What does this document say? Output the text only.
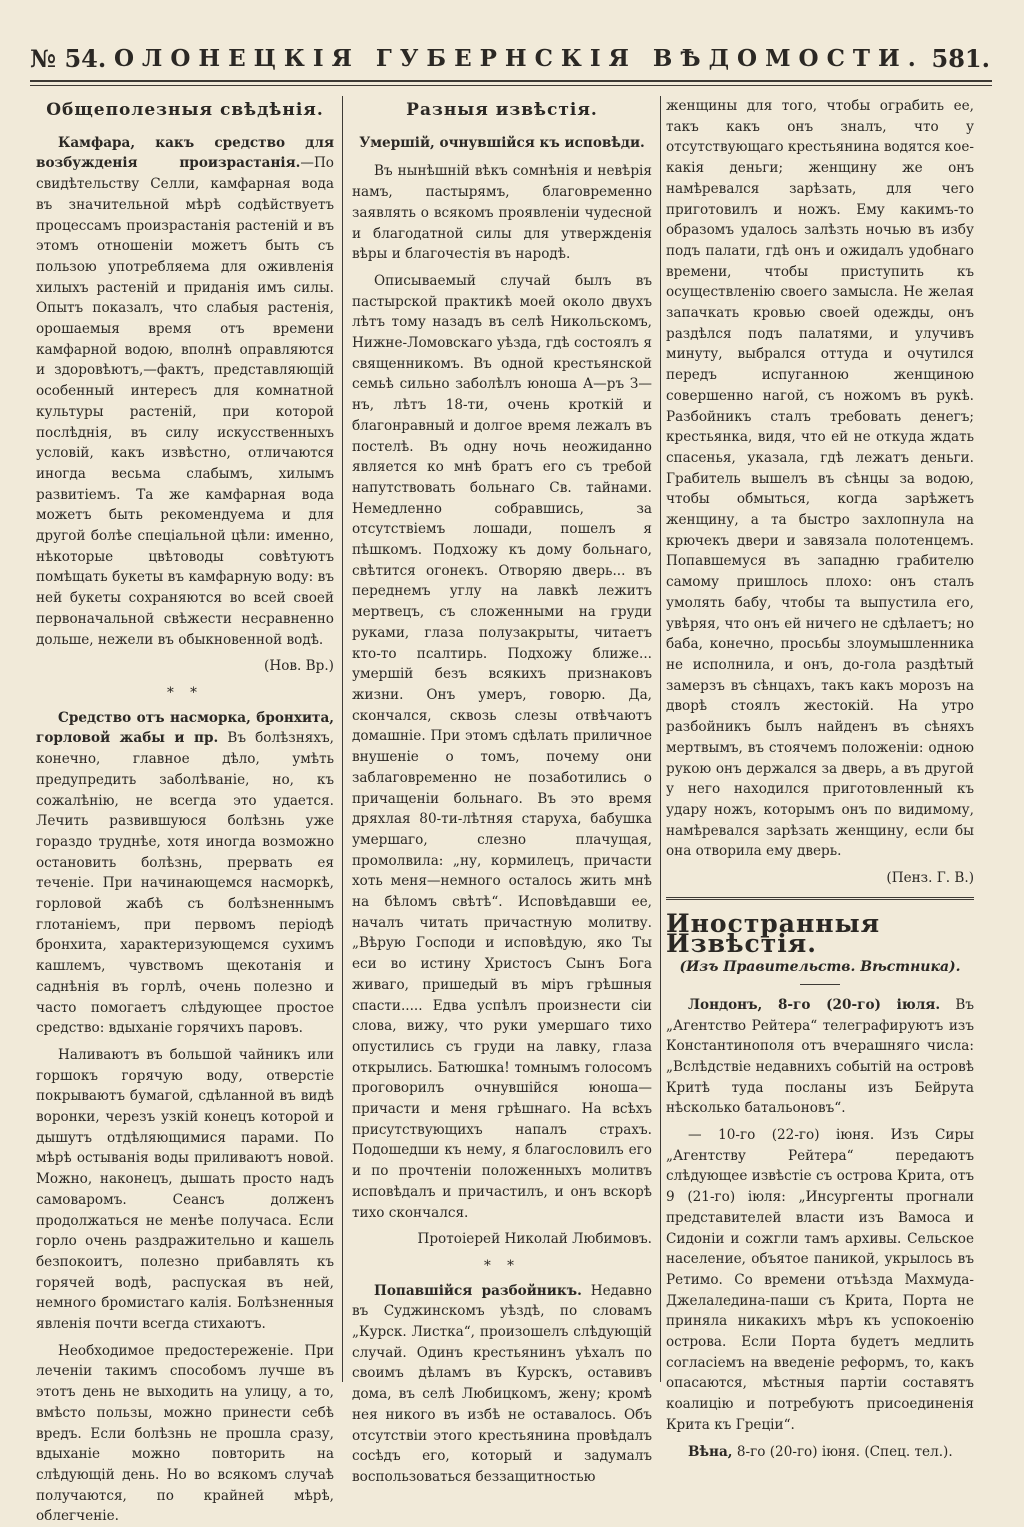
№ 54. ОЛОНЕЦКІЯ ГУБЕРНСКІЯ ВѢДОМОСТИ. 581.
Общеполезныя свѣдѣнія.

Камфара, какъ средство для возбужденія произрастанія.—По свидѣтельству Селли, камфарная вода въ значительной мѣрѣ содѣйствуетъ процессамъ произрастанія растеній и въ этомъ отношеніи можетъ быть съ пользою употребляема для оживленія хилыхъ растеній и приданія имъ силы. Опытъ показалъ, что слабыя растенія, орошаемыя время отъ времени камфарной водою, вполнѣ оправляются и здоровѣютъ,—фактъ, представляющій особенный интересъ для комнатной культуры растеній, при которой послѣднія, въ силу искусственныхъ условій, какъ извѣстно, отличаются иногда весьма слабымъ, хилымъ развитіемъ. Та же камфарная вода можетъ быть рекомендуема и для другой болѣе спеціальной цѣли: именно, нѣкоторые цвѣтоводы совѣтуютъ помѣщать букеты въ камфарную воду: въ ней букеты сохраняются во всей своей первоначальной свѣжести несравненно дольше, нежели въ обыкновенной водѣ.

(Нов. Вр.)

* *

Средство отъ насморка, бронхита, горловой жабы и пр. Въ болѣзняхъ, конечно, главное дѣло, умѣть предупредить заболѣваніе, но, къ сожалѣнію, не всегда это удается. Лечить развившуюся болѣзнь уже гораздо труднѣе, хотя иногда возможно остановить болѣзнь, прервать ея теченіе. При начинающемся насморкѣ, горловой жабѣ съ болѣзненнымъ глотаніемъ, при первомъ періодѣ бронхита, характеризующемся сухимъ кашлемъ, чувствомъ щекотанія и саднѣнія въ горлѣ, очень полезно и часто помогаетъ слѣдующее простое средство: вдыханіе горячихъ паровъ.

Наливаютъ въ большой чайникъ или горшокъ горячую воду, отверстіе покрываютъ бумагой, сдѣланной въ видѣ воронки, черезъ узкій конецъ которой и дышутъ отдѣляющимися парами. По мѣрѣ остыванія воды приливаютъ новой. Можно, наконецъ, дышать просто надъ самоваромъ. Сеансъ долженъ продолжаться не менѣе получаса. Если горло очень раздражительно и кашель безпокоитъ, полезно прибавлять къ горячей водѣ, распуская въ ней, немного бромистаго калія. Болѣзненныя явленія почти всегда стихаютъ.

Необходимое предостереженіе. При леченіи такимъ способомъ лучше въ этотъ день не выходить на улицу, а то, вмѣсто пользы, можно принести себѣ вредъ. Если болѣзнь не прошла сразу, вдыханіе можно повторить на слѣдующій день. Но во всякомъ случаѣ получаются, по крайней мѣрѣ, облегченіе.

Разныя извѣстія.

Умершій, очнувшійся къ исповѣди.

Въ нынѣшній вѣкъ сомнѣнія и невѣрія намъ, пастырямъ, благовременно заявлять о всякомъ проявленіи чудесной и благодатной силы для утвержденія вѣры и благочестія въ народѣ.

Описываемый случай былъ въ пастырской практикѣ моей около двухъ лѣтъ тому назадъ въ селѣ Никольскомъ, Нижне-Ломовскаго уѣзда, гдѣ состоялъ я священникомъ. Въ одной крестьянской семьѣ сильно заболѣлъ юноша А—ръ З—нъ, лѣтъ 18-ти, очень кроткій и благонравный и долгое время лежалъ въ постелѣ. Въ одну ночь неожиданно является ко мнѣ братъ его съ требой напутствовать больнаго Св. тайнами. Немедленно собравшись, за отсутствіемъ лошади, пошелъ я пѣшкомъ. Подхожу къ дому больнаго, свѣтится огонекъ. Отворяю дверь... въ переднемъ углу на лавкѣ лежитъ мертвецъ, съ сложенными на груди руками, глаза полузакрыты, читаетъ кто-то псалтирь. Подхожу ближе... умершій безъ всякихъ признаковъ жизни. Онъ умеръ, говорю. Да, скончался, сквозь слезы отвѣчаютъ домашніе. При этомъ сдѣлать приличное внушеніе о томъ, почему они заблаговременно не позаботились о причащеніи больнаго. Въ это время дряхлая 80-ти-лѣтняя старуха, бабушка умершаго, слезно плачущая, промолвила: „ну, кормилецъ, причасти хоть меня—немного осталось жить мнѣ на бѣломъ свѣтѣ“. Исповѣдавши ее, началъ читать причастную молитву. „Вѣрую Господи и исповѣдую, яко Ты еси во истину Христосъ Сынъ Бога живаго, пришедый въ міръ грѣшныя спасти..... Едва успѣлъ произнести сіи слова, вижу, что руки умершаго тихо опустились съ груди на лавку, глаза открылись. Батюшка! томнымъ голосомъ проговорилъ очнувшійся юноша—причасти и меня грѣшнаго. На всѣхъ присутствующихъ напалъ страхъ. Подошедши къ нему, я благословилъ его и по прочтеніи положенныхъ молитвъ исповѣдалъ и причастилъ, и онъ вскорѣ тихо скончался.

Протоіерей Николай Любимовъ.

* *

Попавшійся разбойникъ. Недавно въ Суджинскомъ уѣздѣ, по словамъ „Курск. Листка“, произошелъ слѣдующій случай. Одинъ крестьянинъ уѣхалъ по своимъ дѣламъ въ Курскъ, оставивъ дома, въ селѣ Любицкомъ, жену; кромѣ нея никого въ избѣ не оставалось. Объ отсутствіи этого крестьянина провѣдалъ сосѣдъ его, который и задумалъ воспользоваться беззащитностью

женщины для того, чтобы ограбить ее, такъ какъ онъ зналъ, что у отсутствующаго крестьянина водятся кое-какія деньги; женщину же онъ намѣревался зарѣзать, для чего приготовилъ и ножъ. Ему какимъ-то образомъ удалось залѣзть ночью въ избу подъ палати, гдѣ онъ и ожидалъ удобнаго времени, чтобы приступить къ осуществленію своего замысла. Не желая запачкать кровью своей одежды, онъ раздѣлся подъ палатями, и улучивъ минуту, выбрался оттуда и очутился передъ испуганною женщиною совершенно нагой, съ ножомъ въ рукѣ. Разбойникъ сталъ требовать денегъ; крестьянка, видя, что ей не откуда ждать спасенья, указала, гдѣ лежатъ деньги. Грабитель вышелъ въ сѣнцы за водою, чтобы обмыться, когда зарѣжетъ женщину, а та быстро захлопнула на крючекъ двери и завязала полотенцемъ. Попавшемуся въ западню грабителю самому пришлось плохо: онъ сталъ умолять бабу, чтобы та выпустила его, увѣряя, что онъ ей ничего не сдѣлаетъ; но баба, конечно, просьбы злоумышленника не исполнила, и онъ, до-гола раздѣтый замерзъ въ сѣнцахъ, такъ какъ морозъ на дворѣ стоялъ жестокій. На утро разбойникъ былъ найденъ въ сѣняхъ мертвымъ, въ стоячемъ положеніи: одною рукою онъ держался за дверь, а въ другой у него находился приготовленный къ удару ножъ, которымъ онъ по видимому, намѣревался зарѣзать женщину, если бы она отворила ему дверь.

(Пенз. Г. В.)

Иностранныя Извѣстія.
(Изъ Правительств. Вѣстника).

Лондонъ, 8-го (20-го) іюля. Въ „Агентство Рейтера“ телеграфируютъ изъ Константинополя отъ вчерашняго числа: „Вслѣдствіе недавнихъ событій на островѣ Критѣ туда посланы изъ Бейрута нѣсколько батальоновъ“.

— 10-го (22-го) іюня. Изъ Сиры „Агентству Рейтера“ передаютъ слѣдующее извѣстіе съ острова Крита, отъ 9 (21-го) іюля: „Инсургенты прогнали представителей власти изъ Вамоса и Сидоніи и сожгли тамъ архивы. Сельское население, объятое паникой, укрылось въ Ретимо. Со времени отъѣзда Махмуда-Джелаледина-паши съ Крита, Порта не приняла никакихъ мѣръ къ успокоенію острова. Если Порта будетъ медлить согласіемъ на введеніе реформъ, то, какъ опасаются, мѣстныя партіи составятъ коалицію и потребуютъ присоединенія Крита къ Греціи“.

Вѣна, 8-го (20-го) іюня. (Спец. тел.).
